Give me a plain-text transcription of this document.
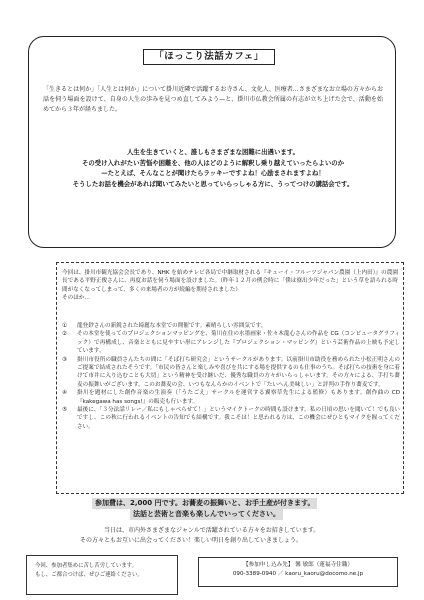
「ほっこり法話カフェ」

「生きるとは何か」「人生とは何か」について掛川近隣で活躍するお寺さん、文化人、医療者…さまざまなお立場の方々からお話を伺う場面を設けて、自身の人生の歩みを見つめ直してみよう—と、掛川市仏教会所属の有志が立ち上げた会で、活動を始めてから３年が経ちました。

人生を生きていくと、誰しもさまざまな困難に出遇います。
その受け入れがたい苦悩や困難を、他の人はどのように解釈し乗り越えていったらよいのか
—たとえば、そんなことが聞けたらラッキーですよね！心励まされますよね！
そうしたお話を機会があれば聞いてみたいと思っていらっしゃる方に、うってつけの講話会です。

今回は、掛川市観光協会会長であり、NHK を始めテレビ各局で中継取材される『キューイ・フルーツジャパン農園（上内田）』の農園長である平野正俊さんに、再度お話を伺う場面を設けました。（昨年１２月の例会時に「僕は寮出少年だった」という草を語られる時間がなくなってしまって、多くの来場者の方が続編を期待されました）
そのほか…

①	龍登鈔さんの新鋭された綺麗な本堂での開催です。素晴らしい雰囲気です。
②	その本堂を使ってのプロジェクションマッピングを、菊川在住の水墨画家・佐々木龍心さんの作品を CG（コンピュータグラフィック）で再構成し、音楽とともに見やすい形にアレンジした『プロジェクション・マッピング』という芸術作品の上映も予定しています。
③	掛川市役所の職員さんたちの間に「そば打ち研究会」というサークルがあります。以前掛川市助役を務められた小松正明さんのご提案で結成されたそうです。「市民の皆さんと楽しみや喜びを共にする場を提供するのも仕事のうち。そば打ちの技術を身に着けて市井に入り込むことも大切」という精神を受け継いだ、優秀な職員の方々がいらっしゃいます。その方々による、手打ち蕎麦の振舞いがございます。このお蕎麦の会、いつもなんらかのイベントで「たいへん美味しい」と評判の手作り蕎麦です。
④	掛川を題材にした創作音楽の生演奏（「うたごえ」サークルを運営する翼察草先生による監修）もあります。創作曲の CD『kakegawa has songs!』の販売も行います。
⑤	最後に、「３分法話リレー／私にもしゃべらせて！」というマイクトークの時間も設けます。私の日頃の思いを聞いて！でも良いですし、この秋に行われるイベントの告知でも結構です。我こそは！と思われる方は、この機会にぜひともマイクを握ってください。
参加費は、2,000 円です。お蕎麦の振舞いと、お手土産が付きます。
法話と芸術と音楽も楽しんでいってください。
当日は、市内外さまざまなジャンルで活躍されている方々をお招きしています。
その方々ともお互いに出会ってください！楽しい明日を創り出していきましょう。
今回、参加者集めに苦し苦労しています。
もし、ご都合つけば、ぜひご連絡ください。
【参加申し込み先】 馨 敏郎（蓮福寺住職）
090-3389-0940 ／ kaoru_kaoru@docomo.ne.jp
